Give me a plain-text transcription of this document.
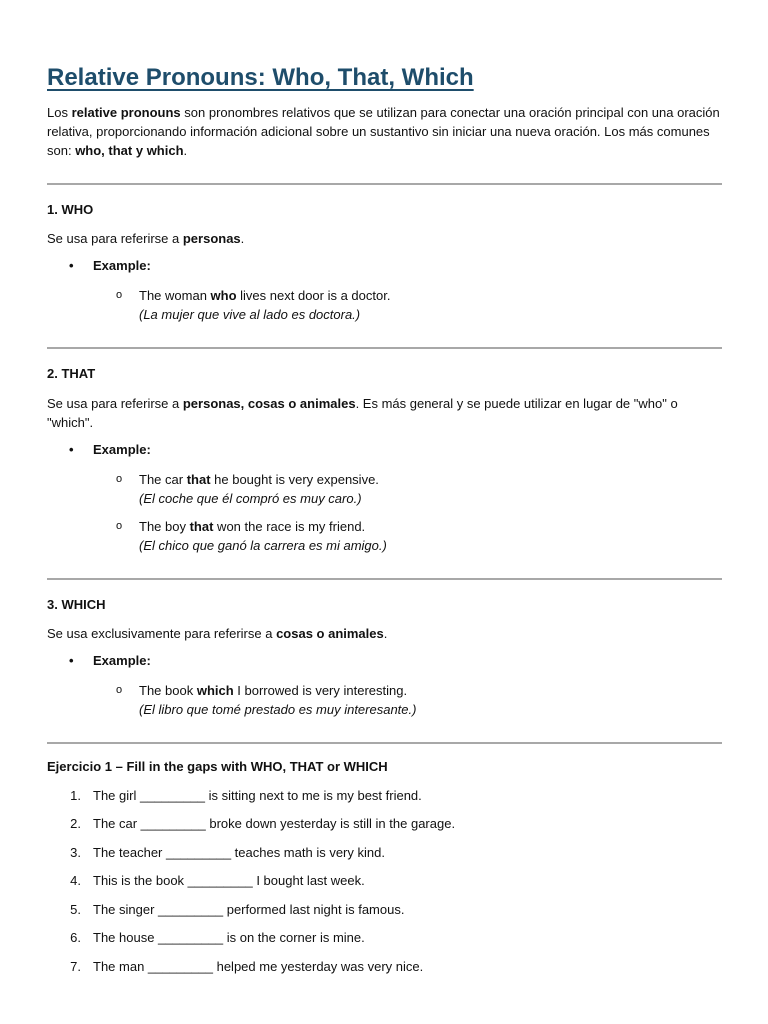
Relative Pronouns: Who, That, Which

Los relative pronouns son pronombres relativos que se utilizan para conectar una oración principal con una oración relativa, proporcionando información adicional sobre un sustantivo sin iniciar una nueva oración. Los más comunes son: who, that y which.

1. WHO

Se usa para referirse a personas.

• Example:
o The woman who lives next door is a doctor.
(La mujer que vive al lado es doctora.)
2. THAT

Se usa para referirse a personas, cosas o animales. Es más general y se puede utilizar en lugar de "who" o "which".

• Example:
o The car that he bought is very expensive.
(El coche que él compró es muy caro.)
o The boy that won the race is my friend.
(El chico que ganó la carrera es mi amigo.)
3. WHICH

Se usa exclusivamente para referirse a cosas o animales.

• Example:
o The book which I borrowed is very interesting.
(El libro que tomé prestado es muy interesante.)
Ejercicio 1 – Fill in the gaps with WHO, THAT or WHICH
1. The girl _________ is sitting next to me is my best friend.
2. The car _________ broke down yesterday is still in the garage.
3. The teacher _________ teaches math is very kind.
4. This is the book _________ I bought last week.
5. The singer _________ performed last night is famous.
6. The house _________ is on the corner is mine.
7. The man _________ helped me yesterday was very nice.
